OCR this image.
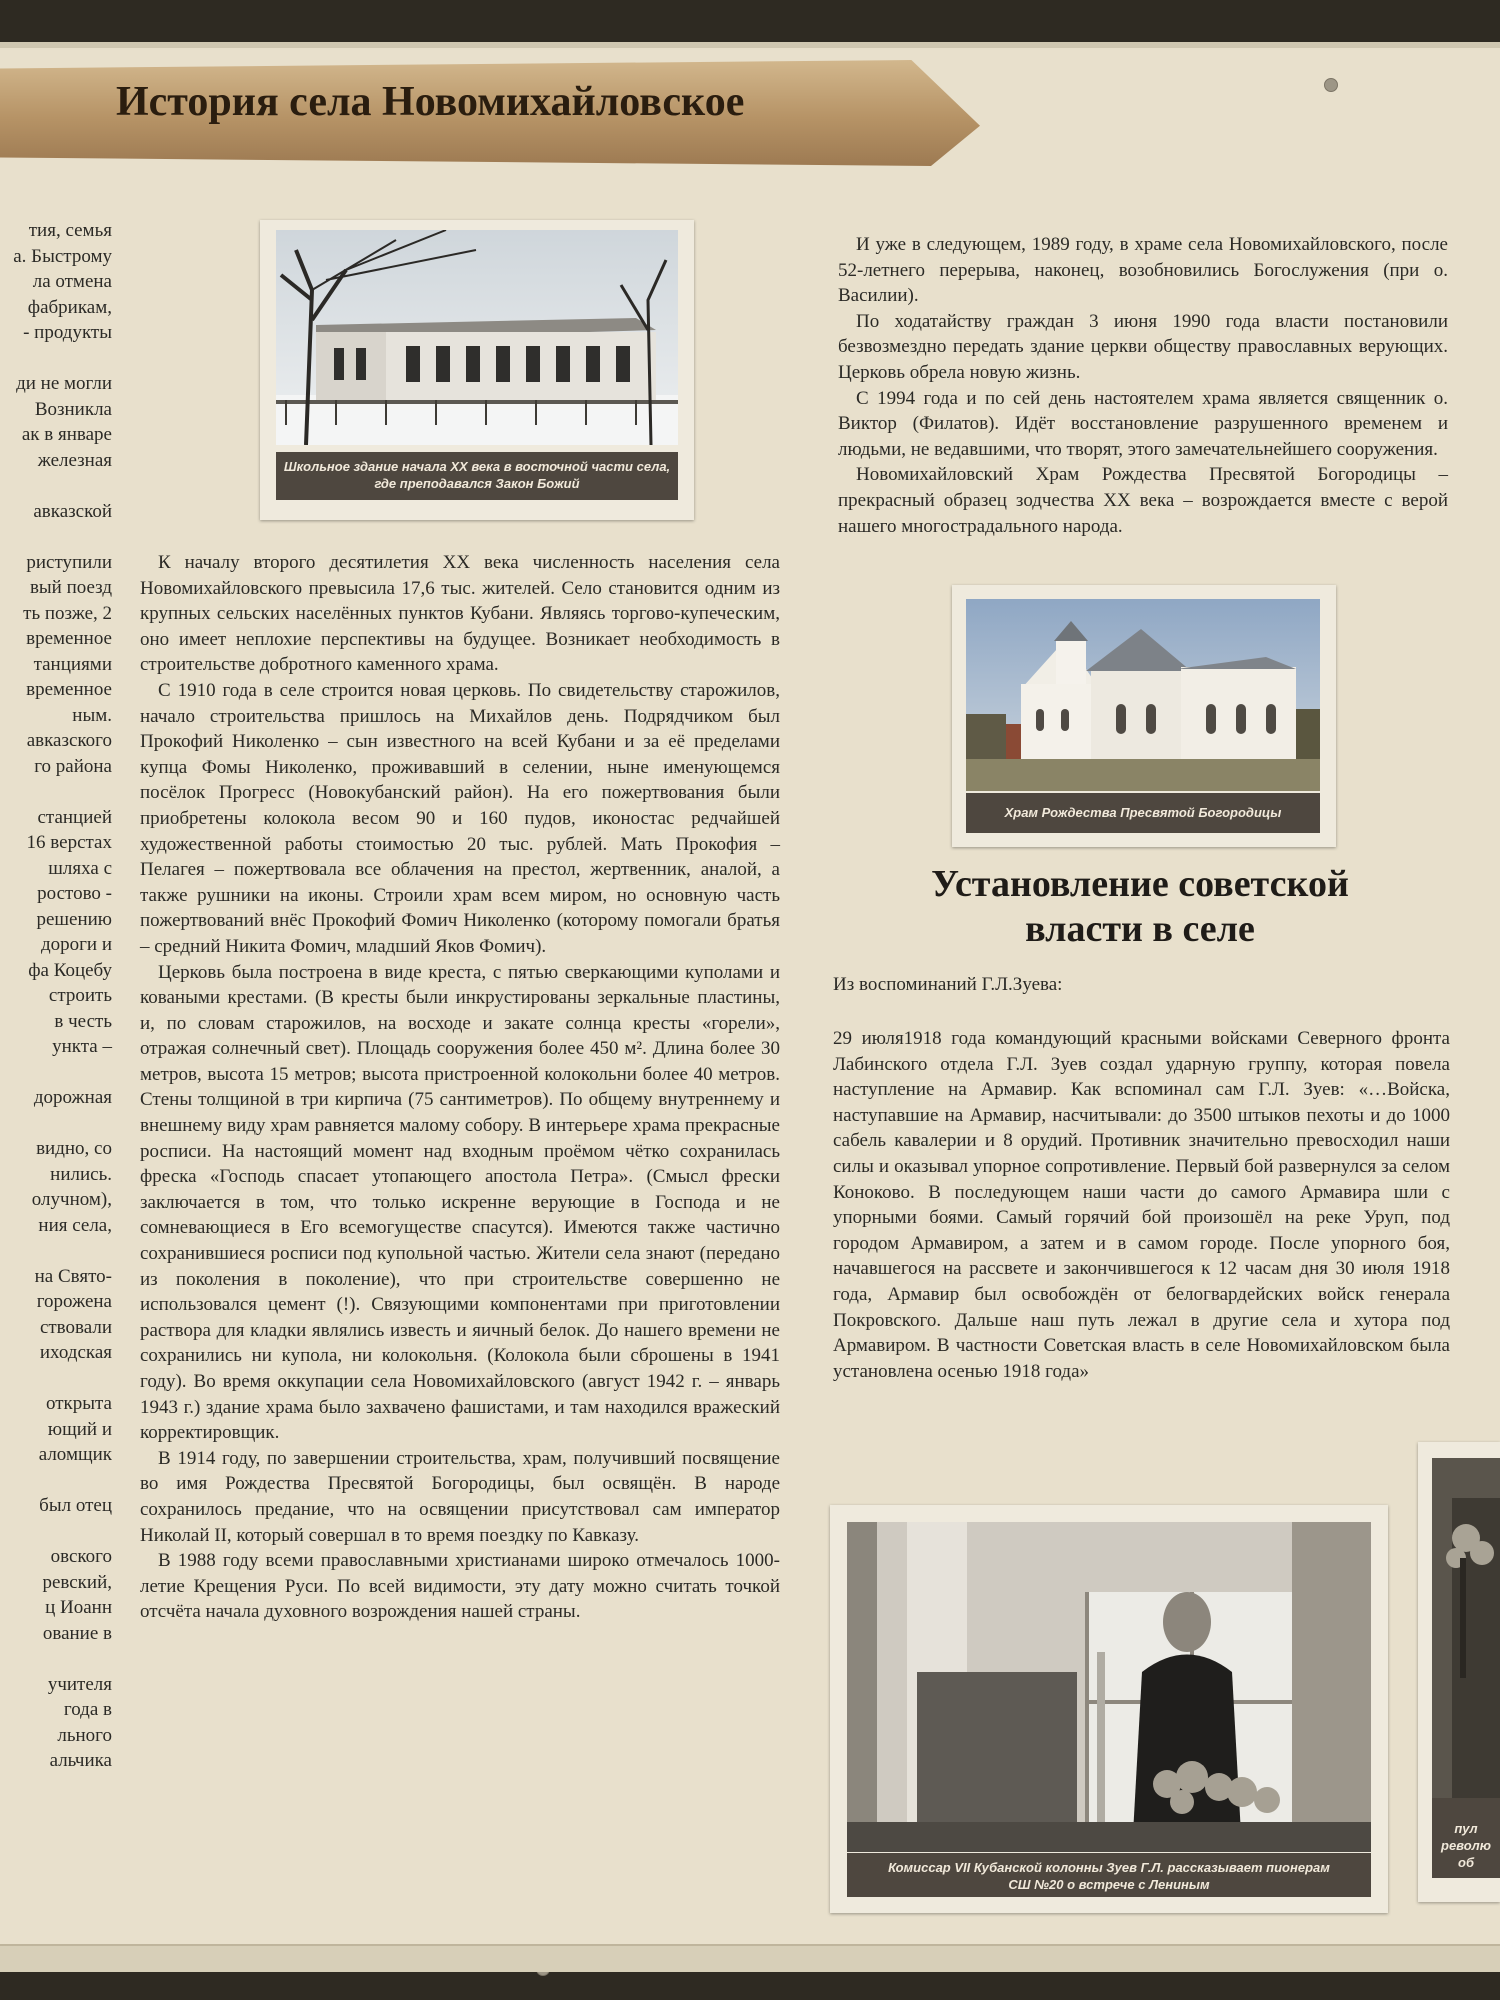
История села Новомихайловское
тия, семья
а. Быстрому
ла отмена
фабрикам,
- продукты

ди не могли
Возникла
ак в январе
железная

авказской

риступили
вый поезд
ть позже, 2
временное
танциями
временное
ным.
авказского
го района

станцией
16 верстах
шляха с
ростово -
решению
дороги и
фа Коцебу
строить
в честь
ункта –

дорожная

видно, со
нились.
олучном),
ния села,

на Свято-
горожена
ствовали
иходская

открыта
ющий и
аломщик

был отец

овского
ревский,
ц Иоанн
ование в

учителя
года в
льного
альчика
Школьное здание начала XX века в восточной части села,
где преподавался Закон Божий

К началу второго десятилетия XX века численность населения села Новомихайловского превысила 17,6 тыс. жителей. Село становится одним из крупных сельских населённых пунктов Кубани. Являясь торгово-купеческим, оно имеет неплохие перспективы на будущее. Возникает необходимость в строительстве добротного каменного храма.

С 1910 года в селе строится новая церковь. По свидетельству старожилов, начало строительства пришлось на Михайлов день. Подрядчиком был Прокофий Николенко – сын известного на всей Кубани и за её пределами купца Фомы Николенко, проживавший в селении, ныне именующемся посёлок Прогресс (Новокубанский район). На его пожертвования были приобретены колокола весом 90 и 160 пудов, иконостас редчайшей художественной работы стоимостью 20 тыс. рублей. Мать Прокофия – Пелагея – пожертвовала все облачения на престол, жертвенник, аналой, а также рушники на иконы. Строили храм всем миром, но основную часть пожертвований внёс Прокофий Фомич Николенко (которому помогали братья – средний Никита Фомич, младший Яков Фомич).

Церковь была построена в виде креста, с пятью сверкающими куполами и коваными крестами. (В кресты были инкрустированы зеркальные пластины, и, по словам старожилов, на восходе и закате солнца кресты «горели», отражая солнечный свет). Площадь сооружения более 450 м². Длина более 30 метров, высота 15 метров; высота пристроенной колокольни более 40 метров. Стены толщиной в три кирпича (75 сантиметров). По общему внутреннему и внешнему виду храм равняется малому собору. В интерьере храма прекрасные росписи. На настоящий момент над входным проёмом чётко сохранилась фреска «Господь спасает утопающего апостола Петра». (Смысл фрески заключается в том, что только искренне верующие в Господа и не сомневающиеся в Его всемогуществе спасутся). Имеются также частично сохранившиеся росписи под купольной частью. Жители села знают (передано из поколения в поколение), что при строительстве совершенно не использовался цемент (!). Связующими компонентами при приготовлении раствора для кладки являлись известь и яичный белок. До нашего времени не сохранились ни купола, ни колокольня. (Колокола были сброшены в 1941 году). Во время оккупации села Новомихайловского (август 1942 г. – январь 1943 г.) здание храма было захвачено фашистами, и там находился вражеский корректировщик.

В 1914 году, по завершении строительства, храм, получивший посвящение во имя Рождества Пресвятой Богородицы, был освящён. В народе сохранилось предание, что на освящении присутствовал сам император Николай II, который совершал в то время поездку по Кавказу.

В 1988 году всеми православными христианами широко отмечалось 1000-летие Крещения Руси. По всей видимости, эту дату можно считать точкой отсчёта начала духовного возрождения нашей страны.

И уже в следующем, 1989 году, в храме села Новомихайловского, после 52-летнего перерыва, наконец, возобновились Богослужения (при о. Василии).

По ходатайству граждан 3 июня 1990 года власти постановили безвозмездно передать здание церкви обществу православных верующих. Церковь обрела новую жизнь.

С 1994 года и по сей день настоятелем храма является священник о. Виктор (Филатов). Идёт восстановление разрушенного временем и людьми, не ведавшими, что творят, этого замечательнейшего сооружения.

Новомихайловский Храм Рождества Пресвятой Богородицы – прекрасный образец зодчества XX века – возрождается вместе с верой нашего многострадального народа.

Храм Рождества Пресвятой Богородицы
Установление советской
власти в селе
Из воспоминаний Г.Л.Зуева:

29 июля1918 года командующий красными войсками Северного фронта Лабинского отдела Г.Л. Зуев создал ударную группу, которая повела наступление на Армавир. Как вспоминал сам Г.Л. Зуев: «…Войска, наступавшие на Армавир, насчитывали: до 3500 штыков пехоты и до 1000 сабель кавалерии и 8 орудий. Противник значительно превосходил наши силы и оказывал упорное сопротивление. Первый бой развернулся за селом Коноково. В последующем наши части до самого Армавира шли с упорными боями. Самый горячий бой произошёл на реке Уруп, под городом Армавиром, а затем и в самом городе. После упорного боя, начавшегося на рассвете и закончившегося к 12 часам дня 30 июля 1918 года, Армавир был освобождён от белогвардейских войск генерала Покровского. Дальше наш путь лежал в другие села и хутора под Армавиром. В частности Советская власть в селе Новомихайловском была установлена осенью 1918 года»

Комиссар VII Кубанской колонны Зуев Г.Л. рассказывает пионерам
СШ №20 о встрече с Лениным
пул
револю
об
